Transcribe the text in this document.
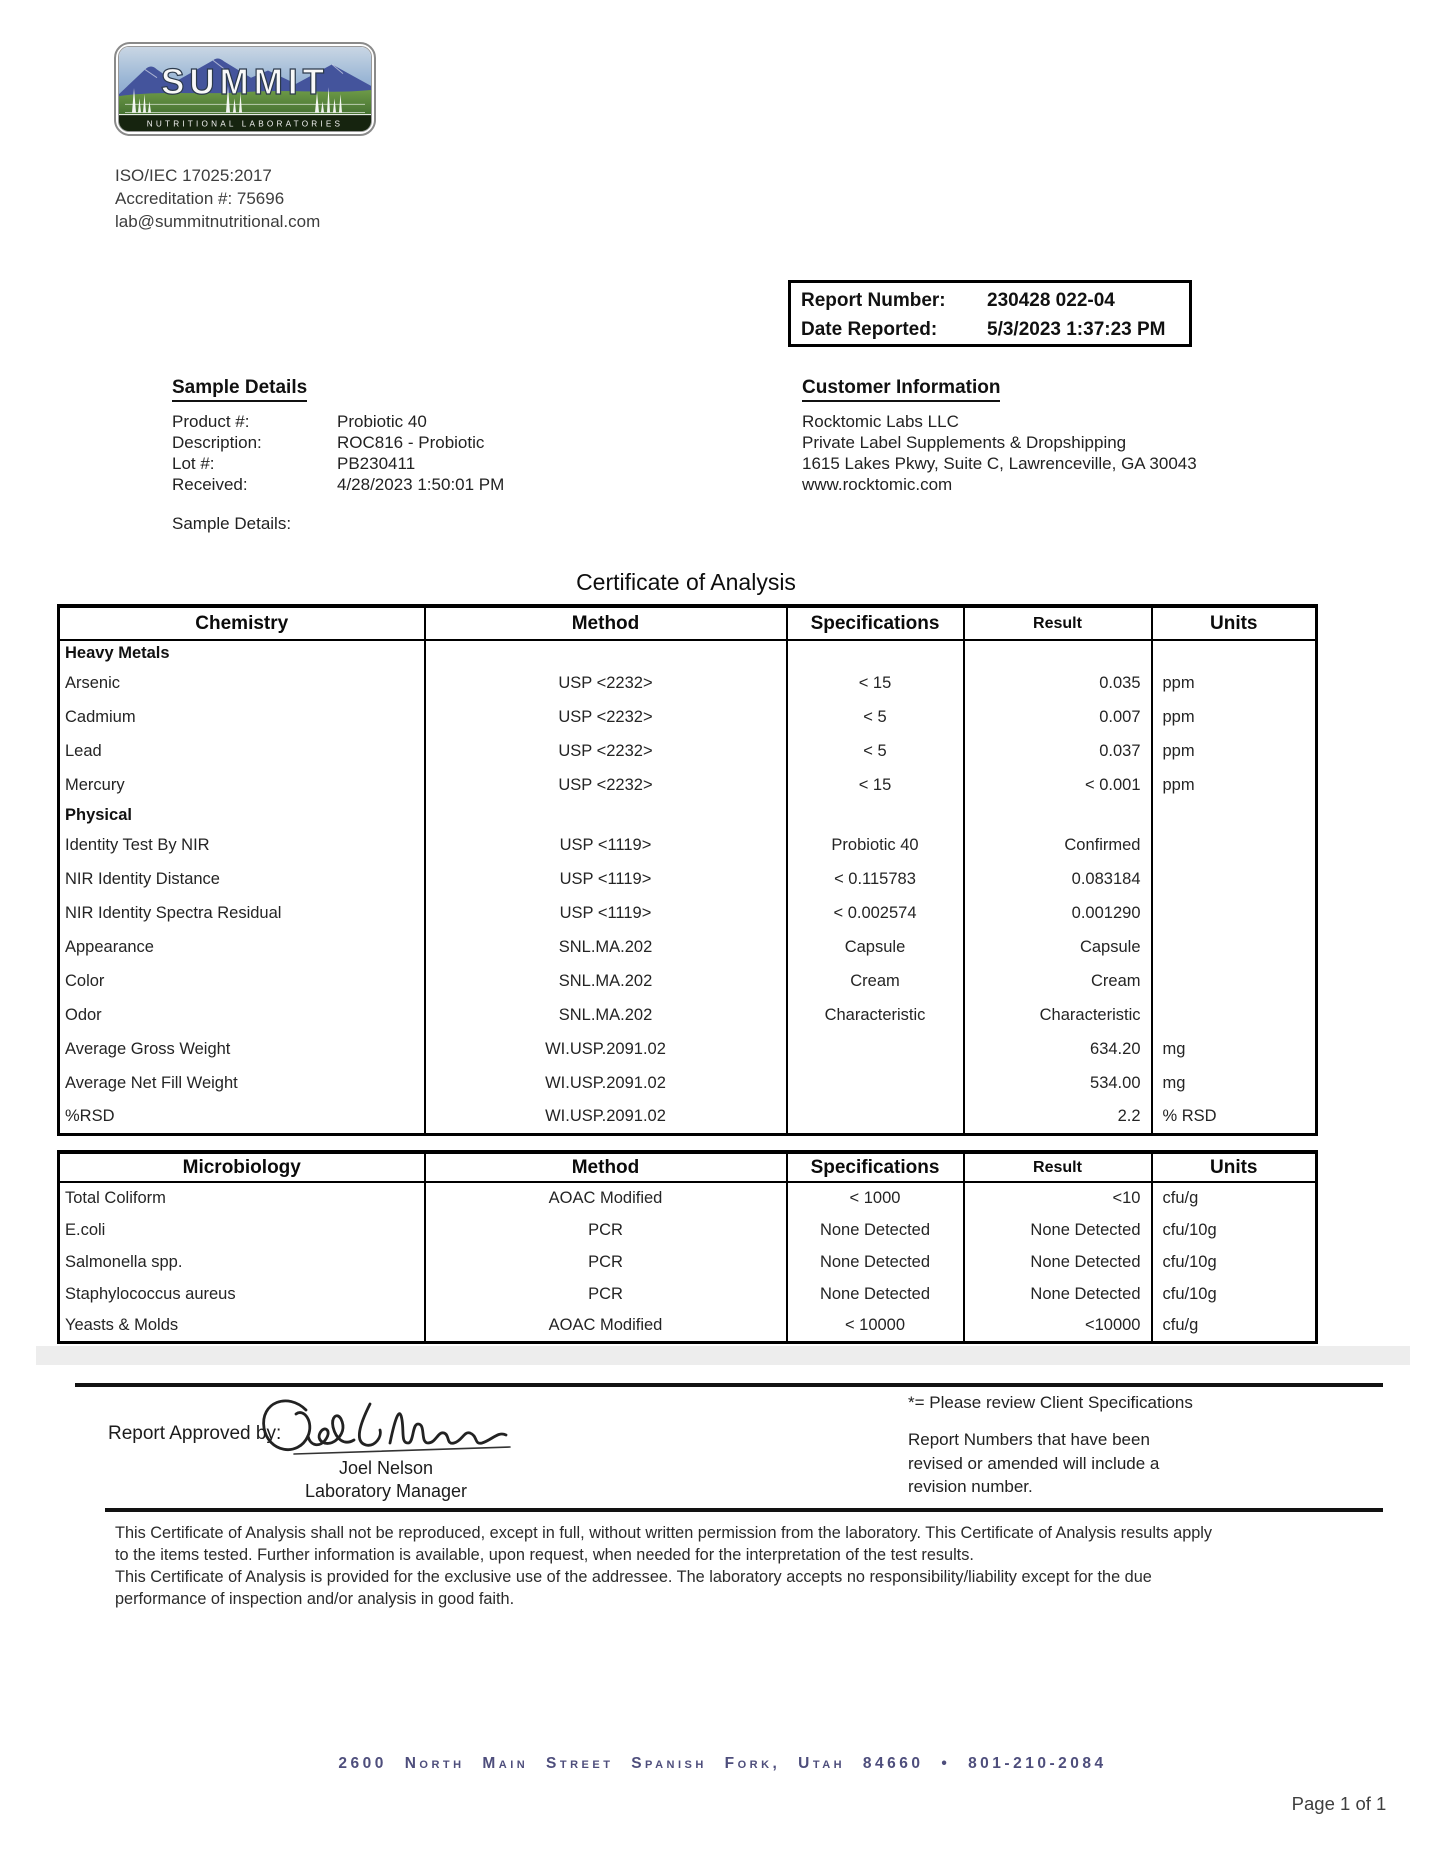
SUMMIT
NUTRITIONAL LABORATORIES
ISO/IEC 17025:2017
Accreditation #: 75696
lab@summitnutritional.com
Report Number:	230428 022-04
Date Reported:	5/3/2023 1:37:23 PM
Sample Details
Product #:	Probiotic 40
Description:	ROC816 - Probiotic
Lot #:	PB230411
Received:	4/28/2023 1:50:01 PM
Sample Details:
Customer Information
Rocktomic Labs LLC
Private Label Supplements & Dropshipping
1615 Lakes Pkwy, Suite C, Lawrenceville, GA 30043
www.rocktomic.com
Certificate of Analysis
Chemistry	Method	Specifications	Result	Units
Heavy Metals				
Arsenic	USP <2232>	< 15	0.035	ppm
Cadmium	USP <2232>	< 5	0.007	ppm
Lead	USP <2232>	< 5	0.037	ppm
Mercury	USP <2232>	< 15	< 0.001	ppm
Physical				
Identity Test By NIR	USP <1119>	Probiotic 40	Confirmed	
NIR Identity Distance	USP <1119>	< 0.115783	0.083184	
NIR Identity Spectra Residual	USP <1119>	< 0.002574	0.001290	
Appearance	SNL.MA.202	Capsule	Capsule	
Color	SNL.MA.202	Cream	Cream	
Odor	SNL.MA.202	Characteristic	Characteristic	
Average Gross Weight	WI.USP.2091.02		634.20	mg
Average Net Fill Weight	WI.USP.2091.02		534.00	mg
%RSD	WI.USP.2091.02		2.2	% RSD
Microbiology	Method	Specifications	Result	Units
Total Coliform	AOAC Modified	< 1000	<10	cfu/g
E.coli	PCR	None Detected	None Detected	cfu/10g
Salmonella spp.	PCR	None Detected	None Detected	cfu/10g
Staphylococcus aureus	PCR	None Detected	None Detected	cfu/10g
Yeasts & Molds	AOAC Modified	< 10000	<10000	cfu/g
Report Approved by:
Joel Nelson
Laboratory Manager
*= Please review Client Specifications
Report Numbers that have been
revised or amended will include a
revision number.
This Certificate of Analysis shall not be reproduced, except in full, without written permission from the laboratory. This Certificate of Analysis results apply
to the items tested. Further information is available, upon request, when needed for the interpretation of the test results.
This Certificate of Analysis is provided for the exclusive use of the addressee. The laboratory accepts no responsibility/liability except for the due
performance of inspection and/or analysis in good faith.
2600 North Main Street Spanish Fork, Utah 84660 • 801-210-2084
Page 1 of 1
